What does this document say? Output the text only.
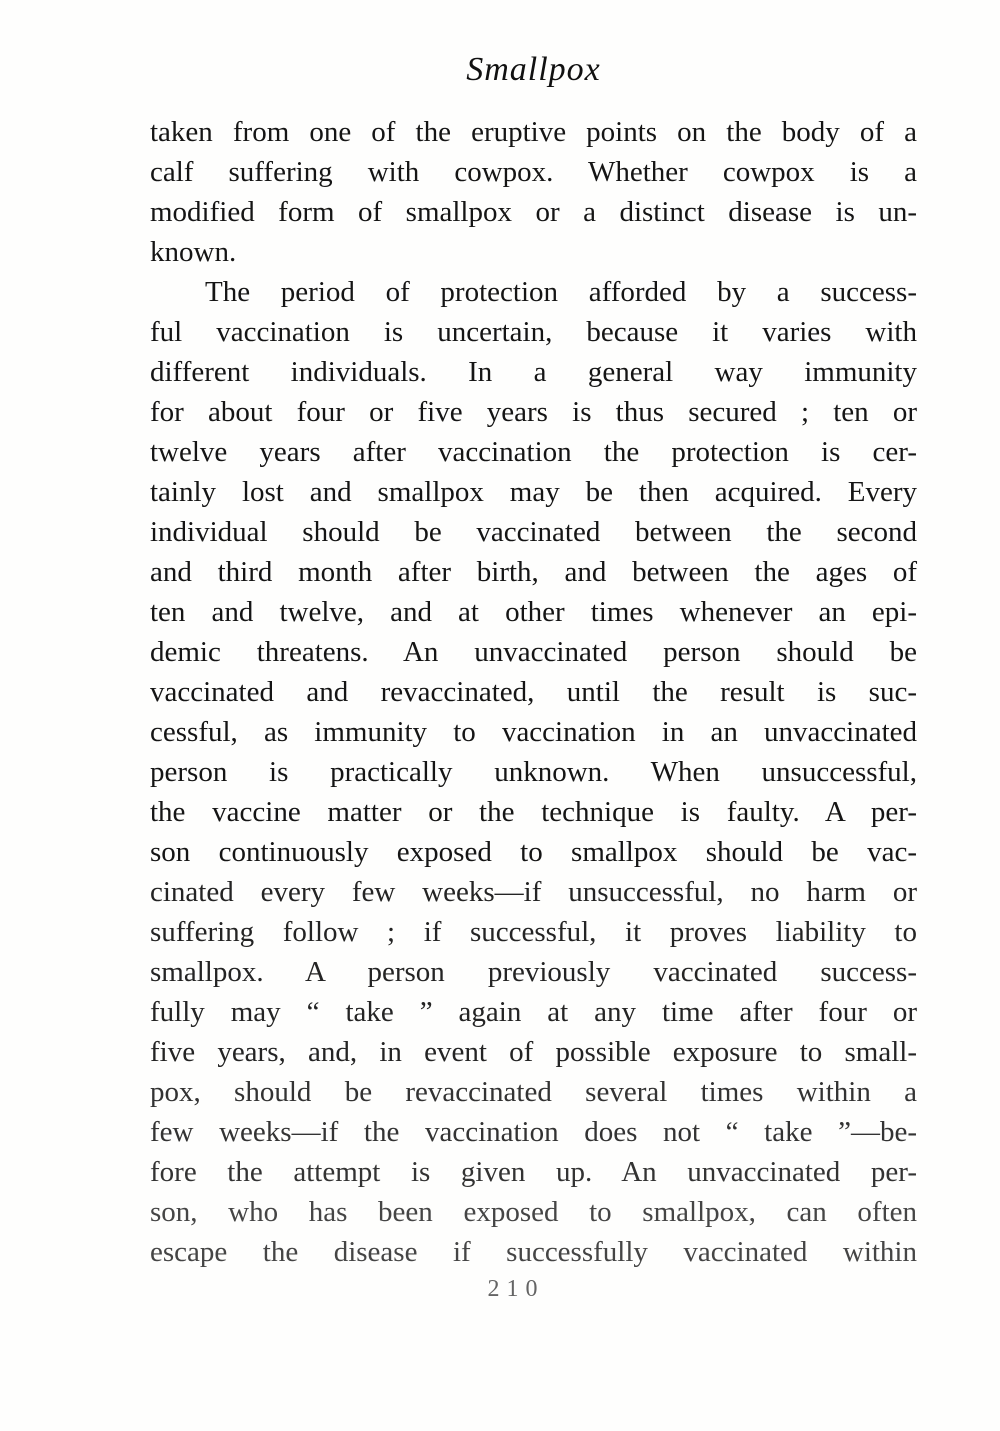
Smallpox
taken from one of the eruptive points on the body of a
calf suffering with cowpox. Whether cowpox is a
modified form of smallpox or a distinct disease is un-
known.
The period of protection afforded by a success-
ful vaccination is uncertain, because it varies with
different individuals. In a general way immunity
for about four or five years is thus secured ; ten or
twelve years after vaccination the protection is cer-
tainly lost and smallpox may be then acquired. Every
individual should be vaccinated between the second
and third month after birth, and between the ages of
ten and twelve, and at other times whenever an epi-
demic threatens. An unvaccinated person should be
vaccinated and revaccinated, until the result is suc-
cessful, as immunity to vaccination in an unvaccinated
person is practically unknown. When unsuccessful,
the vaccine matter or the technique is faulty. A per-
son continuously exposed to smallpox should be vac-
cinated every few weeks—if unsuccessful, no harm or
suffering follow ; if successful, it proves liability to
smallpox. A person previously vaccinated success-
fully may “ take ” again at any time after four or
five years, and, in event of possible exposure to small-
pox, should be revaccinated several times within a
few weeks—if the vaccination does not “ take ”—be-
fore the attempt is given up. An unvaccinated per-
son, who has been exposed to smallpox, can often
escape the disease if successfully vaccinated within
210
